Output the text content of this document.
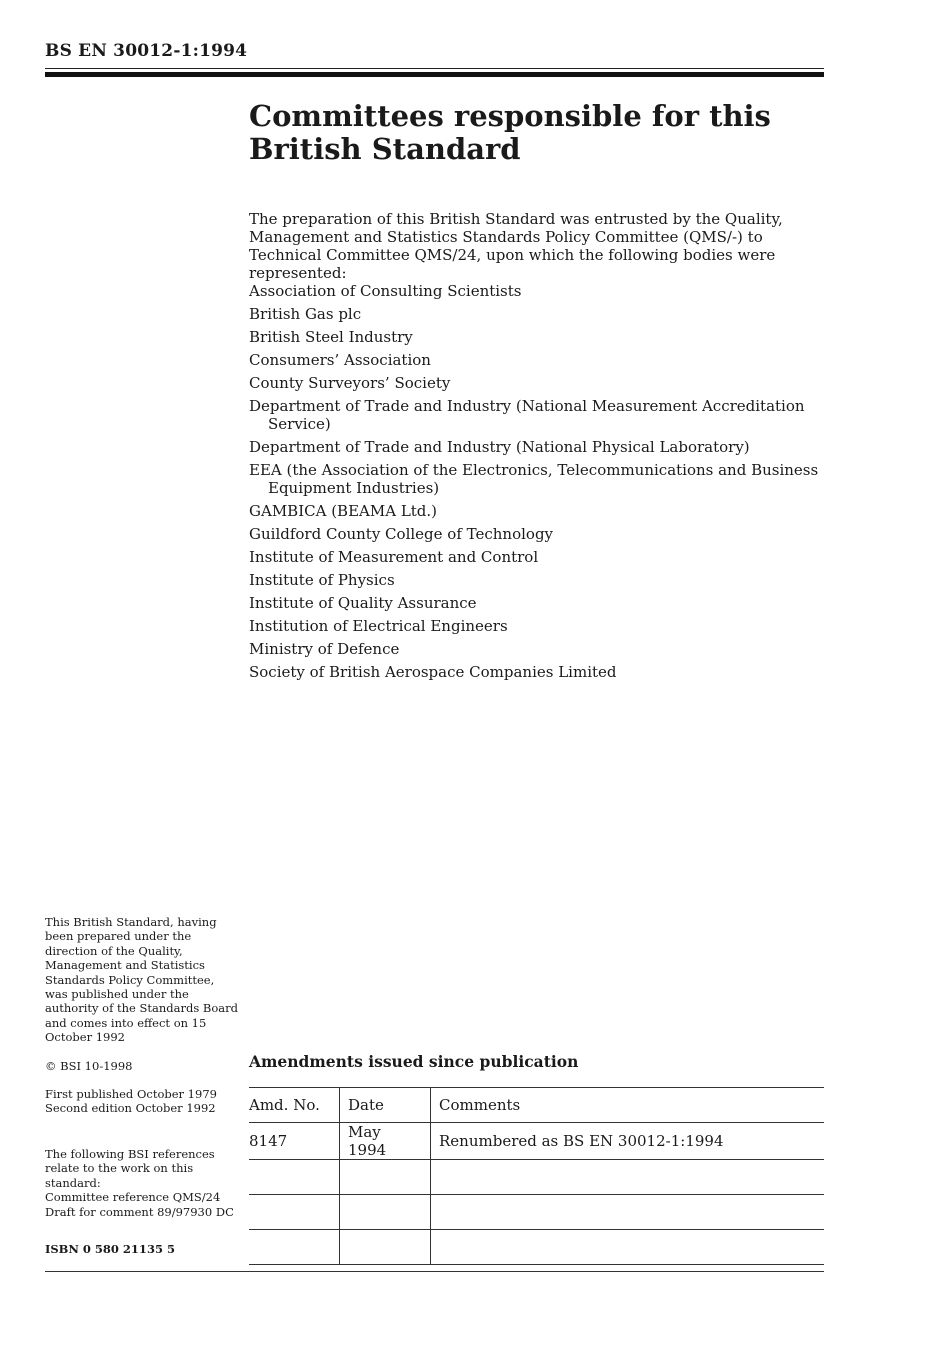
BS EN 30012-1:1994
Committees responsible for this
British Standard

The preparation of this British Standard was entrusted by the Quality, Management and Statistics Standards Policy Committee (QMS/-) to Technical Committee QMS/24, upon which the following bodies were represented:

Association of Consulting Scientists
British Gas plc
British Steel Industry
Consumers’ Association
County Surveyors’ Society
Department of Trade and Industry (National Measurement Accreditation Service)
Department of Trade and Industry (National Physical Laboratory)
EEA (the Association of the Electronics, Telecommunications and Business Equipment Industries)
GAMBICA (BEAMA Ltd.)
Guildford County College of Technology
Institute of Measurement and Control
Institute of Physics
Institute of Quality Assurance
Institution of Electrical Engineers
Ministry of Defence
Society of British Aerospace Companies Limited

This British Standard, having been prepared under the direction of the Quality, Management and Statistics Standards Policy Committee, was published under the authority of the Standards Board and comes into effect on 15 October 1992

© BSI 10-1998
First published October 1979
Second edition October 1992
The following BSI references relate to the work on this standard:
Committee reference QMS/24
Draft for comment 89/97930 DC
ISBN 0 580 21135 5
Amendments issued since publication
Amd. No.	Date	Comments
8147	May 1994	Renumbered as BS EN 30012-1:1994
